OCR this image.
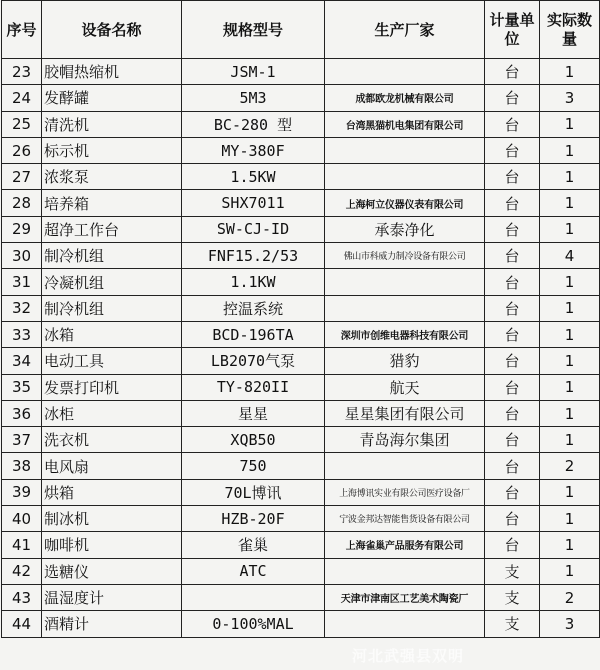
序号	设备名称	规格型号	生产厂家	计量单位	实际数量
23	胶帽热缩机	JSM-1		台	1
24	发酵罐	5M3	成都欧龙机械有限公司	台	3
25	清洗机	BC-280 型	台湾黑猫机电集团有限公司	台	1
26	标示机	MY-380F		台	1
27	浓浆泵	1.5KW		台	1
28	培养箱	SHX7011	上海柯立仪器仪表有限公司	台	1
29	超净工作台	SW-CJ-ID	承泰净化	台	1
30	制冷机组	FNF15.2/53	佛山市科威力制冷设备有限公司	台	4
31	冷凝机组	1.1KW		台	1
32	制冷机组	控温系统		台	1
33	冰箱	BCD-196TA	深圳市创维电器科技有限公司	台	1
34	电动工具	LB2070气泵	猎豹	台	1
35	发票打印机	TY-820II	航天	台	1
36	冰柜	星星	星星集团有限公司	台	1
37	洗衣机	XQB50	青岛海尔集团	台	1
38	电风扇	750		台	2
39	烘箱	70L博讯	上海博讯实业有限公司医疗设备厂	台	1
40	制冰机	HZB-20F	宁波金邦达智能售货设备有限公司	台	1
41	咖啡机	雀巢	上海雀巢产品服务有限公司	台	1
42	选糖仪	ATC		支	1
43	温湿度计		天津市津南区工艺美术陶瓷厂	支	2
44	酒精计	0-100%MAL		支	3
河北武强县双明
